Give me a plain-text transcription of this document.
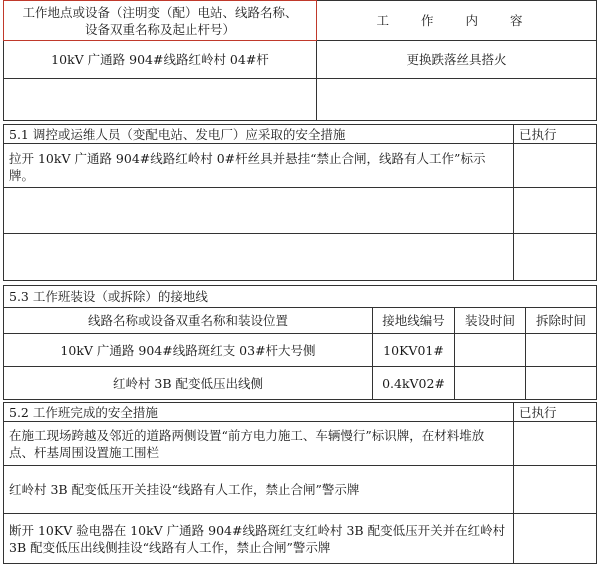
工作地点或设备（注明变（配）电站、线路名称、
设备双重名称及起止杆号）	工 作 内 容
10kV 广通路 904#线路红岭村 04#杆	更换跌落丝具搭火

5.1 调控或运维人员（变配电站、发电厂）应采取的安全措施	已执行
拉开 10kV 广通路 904#线路红岭村 0#杆丝具并悬挂“禁止合闸，线路有人工作”标示牌。	

5.3 工作班装设（或拆除）的接地线			
线路名称或设备双重名称和装设位置	接地线编号	装设时间	拆除时间
10kV 广通路 904#线路斑红支 03#杆大号侧	10KV01#		
红岭村 3B 配变低压出线侧	0.4kV02#		
5.2 工作班完成的安全措施	已执行
在施工现场跨越及邻近的道路两侧设置“前方电力施工、车辆慢行”标识牌，在材料堆放点、杆基周围设置施工围栏	
红岭村 3B 配变低压开关挂设“线路有人工作，禁止合闸”警示牌	
断开 10KV 验电器在 10kV 广通路 904#线路斑红支红岭村 3B 配变低压开关并在红岭村 3B 配变低压出线侧挂设“线路有人工作，禁止合闸”警示牌	
